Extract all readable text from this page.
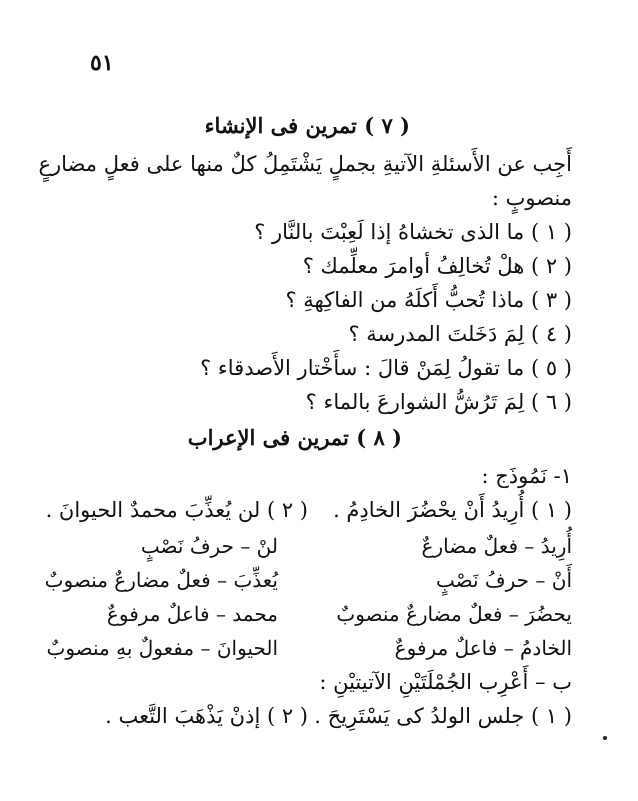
٥١
( ٧ ) تمرين فى الإنشاء
أَجِب عن الأَسئلةِ الآتيةِ بجملٍ يَشْتَمِلُ كلٌ منها على فعلٍ مضارعٍ
منصوبٍ :
( ١ ) ما الذى تخشاهُ إذا لَعِبْتَ بالنَّار ؟
( ٢ ) هلْ تُخالِفُ أوامرَ معلِّمك ؟
( ٣ ) ماذا تُحبُّ أَكلَهُ من الفاكِهةِ ؟
( ٤ ) لِمَ دَخَلتَ المدرسة ؟
( ٥ ) ما تقولُ لِمَنْ قالَ : سأَخْتار الأَصدقاء ؟
( ٦ ) لِمَ تَرُشُّ الشوارعَ بالماء ؟
( ٨ ) تمرين فى الإعراب
١- نَمُوذَج :
( ١ ) أُرِيدُ أَنْ يحْضُرَ الخادِمُ .
( ٢ ) لن يُعذِّبَ محمدٌ الحيوانَ .
أُرِيدُ – فعلٌ مضارعٌ
أَنْ – حرفُ نَصْبٍ
يحضُرَ – فعلٌ مضارعٌ منصوبٌ
الخادمُ – فاعلٌ مرفوعٌ
لنْ – حرفُ نَصْبٍ
يُعذِّبَ – فعلٌ مضارعٌ منصوبٌ
محمد – فاعلٌ مرفوعٌ
الحيوانَ – مفعولٌ بهِ منصوبٌ
ب – أَعْرِب الجُمْلَتَيْنِ الآتيتيْنِ :
( ١ ) جلس الولدُ كى يَسْتَرِيحَ .
( ٢ ) إذنْ يَذْهَبَ التَّعب .
